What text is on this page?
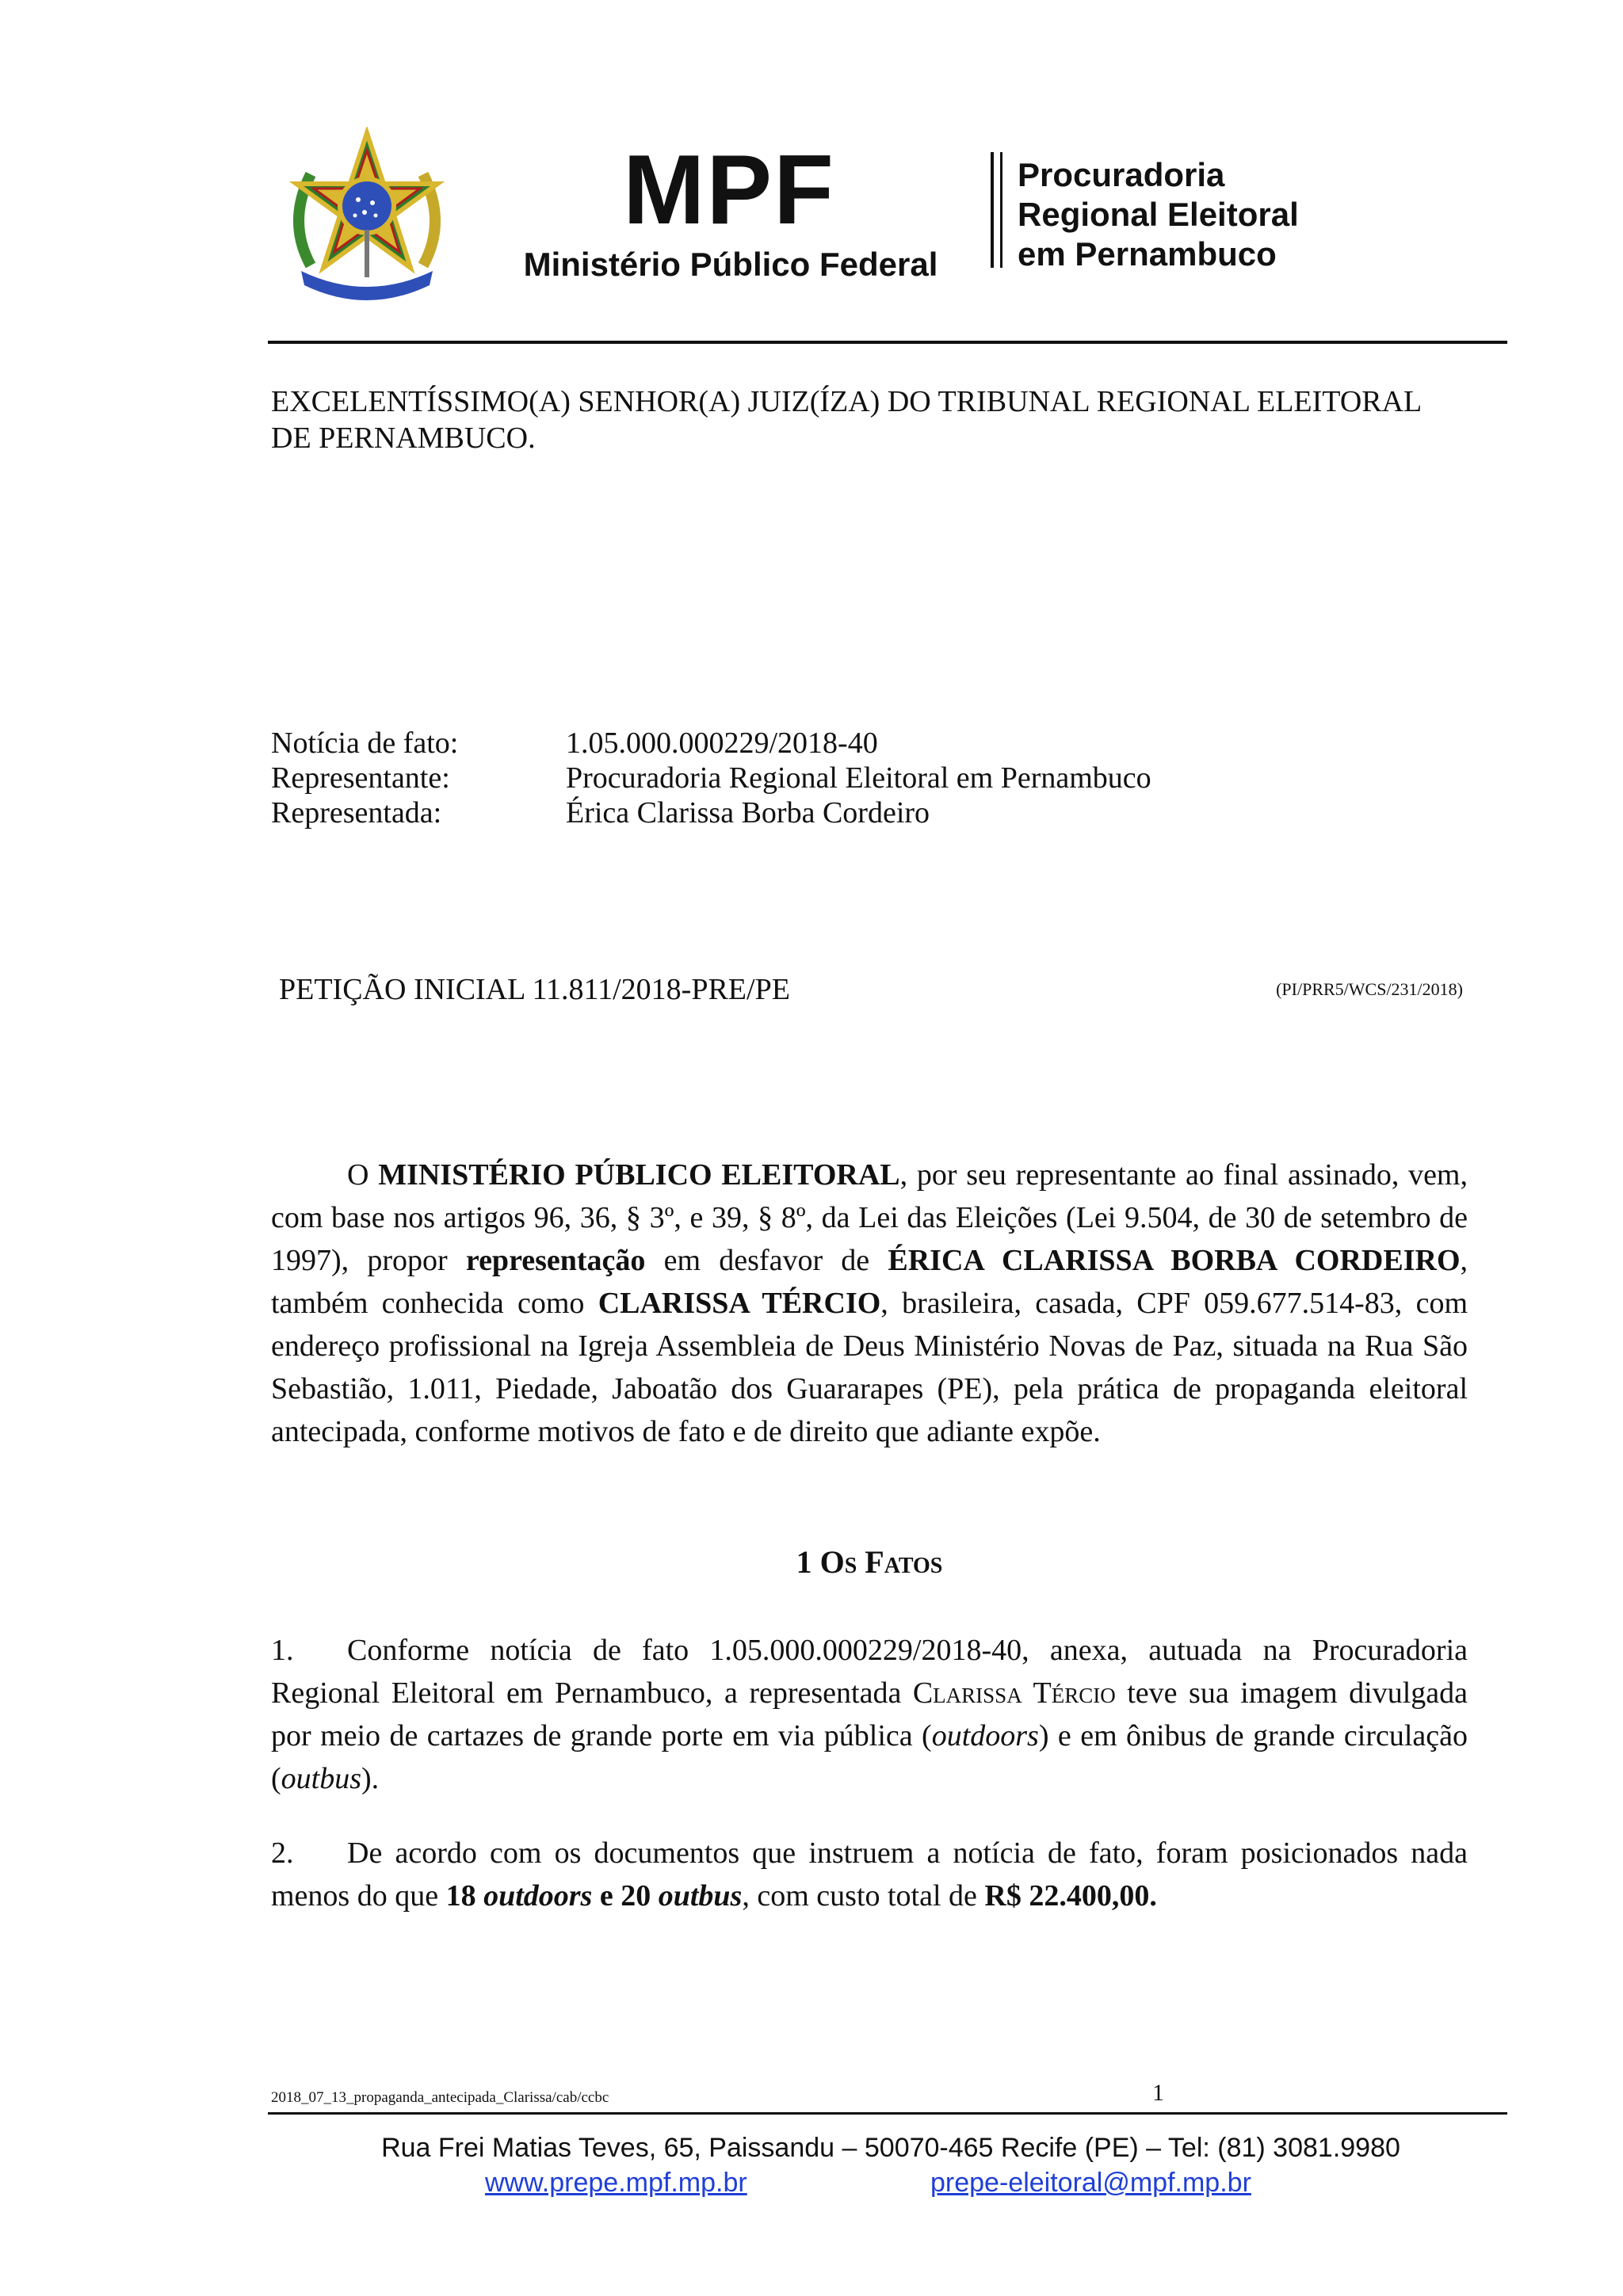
MPF
Ministério Público Federal
Procuradoria
Regional Eleitoral
em Pernambuco
EXCELENTÍSSIMO(A) SENHOR(A) JUIZ(ÍZA) DO TRIBUNAL REGIONAL ELEITORAL DE PERNAMBUCO.
Notícia de fato:	1.05.000.000229/2018-40
Representante:	Procuradoria Regional Eleitoral em Pernambuco
Representada:	Érica Clarissa Borba Cordeiro
PETIÇÃO INICIAL 11.811/2018-PRE/PE	(PI/PRR5/WCS/231/2018)
O MINISTÉRIO PÚBLICO ELEITORAL, por seu representante ao final assinado, vem, com base nos artigos 96, 36, § 3º, e 39, § 8º, da Lei das Eleições (Lei 9.504, de 30 de setembro de 1997), propor representação em desfavor de ÉRICA CLARISSA BORBA CORDEIRO, também conhecida como CLARISSA TÉRCIO, brasileira, casada, CPF 059.677.514-83, com endereço profissional na Igreja Assembleia de Deus Ministério Novas de Paz, situada na Rua São Sebastião, 1.011, Piedade, Jaboatão dos Guararapes (PE), pela prática de propaganda eleitoral antecipada, conforme motivos de fato e de direito que adiante expõe.
1 Os Fatos
1. Conforme notícia de fato 1.05.000.000229/2018-40, anexa, autuada na Procuradoria Regional Eleitoral em Pernambuco, a representada Clarissa Tércio teve sua imagem divulgada por meio de cartazes de grande porte em via pública (outdoors) e em ônibus de grande circulação (outbus).
2. De acordo com os documentos que instruem a notícia de fato, foram posicionados nada menos do que 18 outdoors e 20 outbus, com custo total de R$ 22.400,00.
2018_07_13_propaganda_antecipada_Clarissa/cab/ccbc	1
Rua Frei Matias Teves, 65, Paissandu – 50070-465 Recife (PE) – Tel: (81) 3081.9980
www.prepe.mpf.mp.br	prepe-eleitoral@mpf.mp.br
